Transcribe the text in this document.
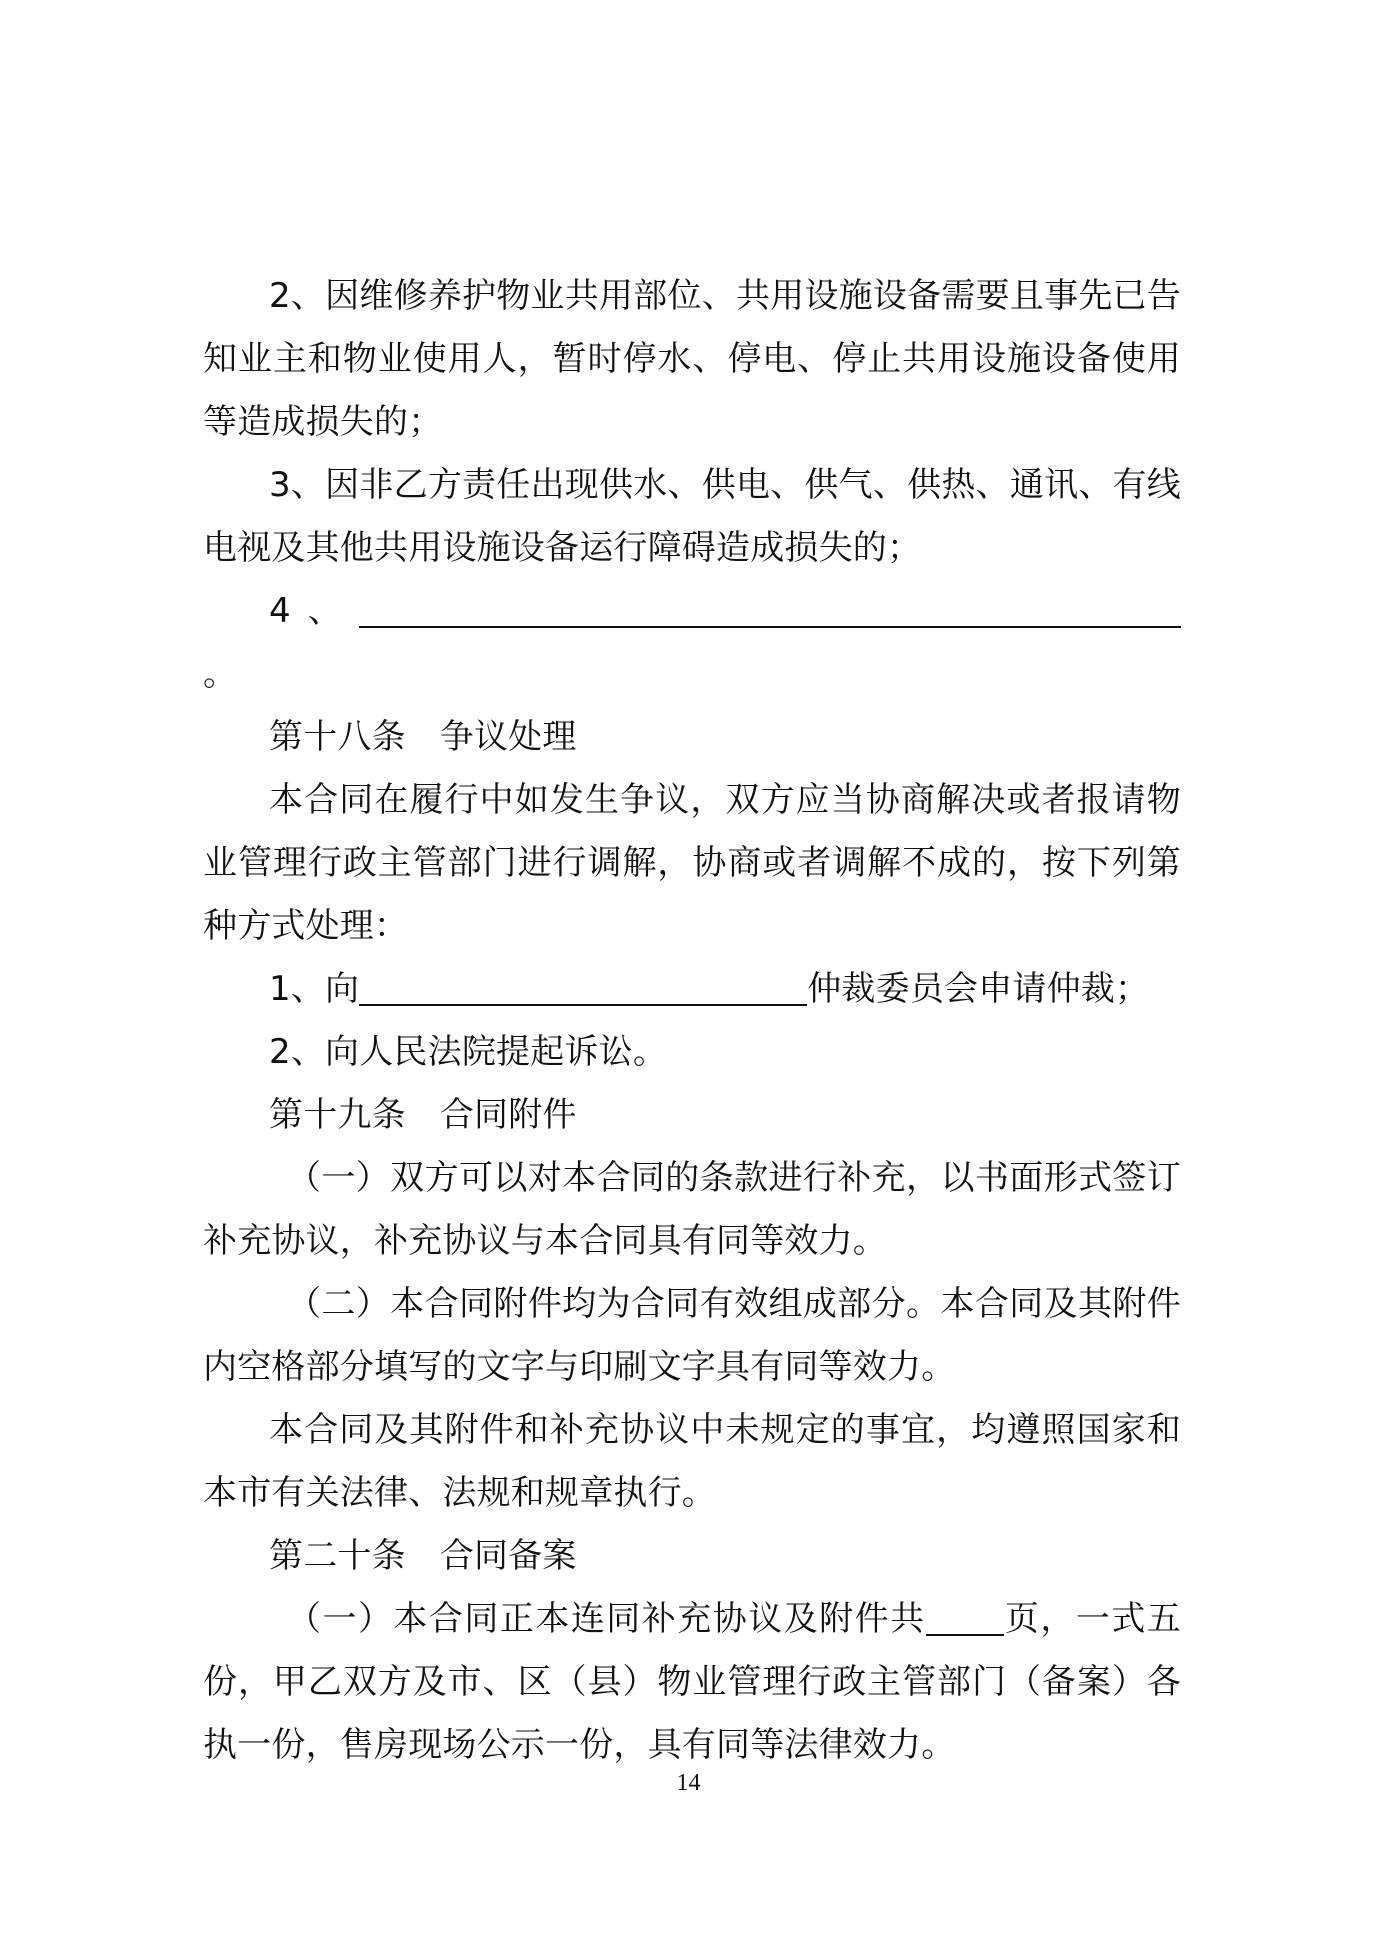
2、因维修养护物业共用部位、共用设施设备需要且事先已告知业主和物业使用人，暂时停水、停电、停止共用设施设备使用等造成损失的；

3、因非乙方责任出现供水、供电、供气、供热、通讯、有线电视及其他共用设施设备运行障碍造成损失的；

4、。

第十八条 争议处理

本合同在履行中如发生争议，双方应当协商解决或者报请物业管理行政主管部门进行调解，协商或者调解不成的，按下列第种方式处理：

1、向	仲裁委员会申请仲裁；

2、向人民法院提起诉讼。

第十九条 合同附件

（一）双方可以对本合同的条款进行补充，以书面形式签订补充协议，补充协议与本合同具有同等效力。

（二）本合同附件均为合同有效组成部分。本合同及其附件内空格部分填写的文字与印刷文字具有同等效力。

本合同及其附件和补充协议中未规定的事宜，均遵照国家和本市有关法律、法规和规章执行。

第二十条 合同备案

（一）本合同正本连同补充协议及附件共 页，一式五份，甲乙双方及市、区（县）物业管理行政主管部门（备案）各执一份，售房现场公示一份，具有同等法律效力。

14
